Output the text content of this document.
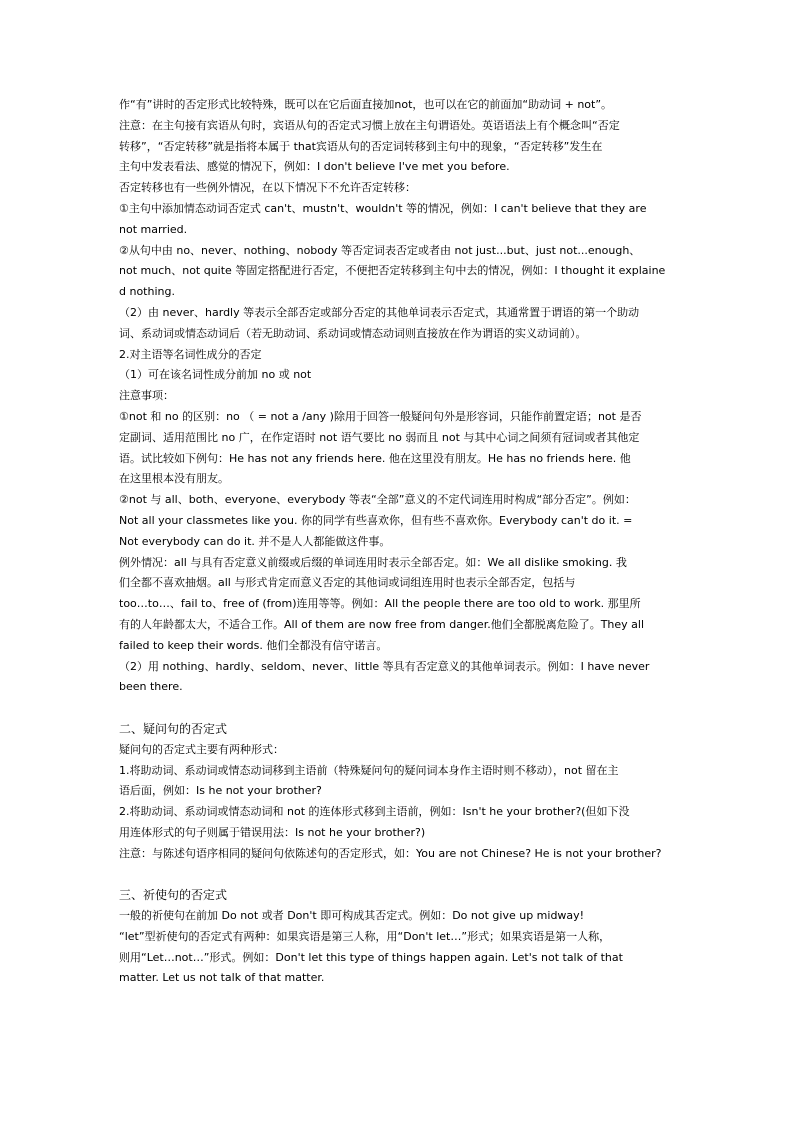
作“有”讲时的否定形式比较特殊，既可以在它后面直接加not，也可以在它的前面加“助动词 + not”。
注意：在主句接有宾语从句时，宾语从句的否定式习惯上放在主句谓语处。英语语法上有个概念叫“否定
转移”，“否定转移”就是指将本属于 that宾语从句的否定词转移到主句中的现象，“否定转移”发生在
主句中发表看法、感觉的情况下，例如：I don't believe I've met you before.
否定转移也有一些例外情况，在以下情况下不允许否定转移：
①主句中添加情态动词否定式 can't、mustn't、wouldn't 等的情况，例如：I can't believe that they are
not married.
②从句中由 no、never、nothing、nobody 等否定词表否定或者由 not just...but、just not...enough、
not much、not quite 等固定搭配进行否定，不便把否定转移到主句中去的情况，例如：I thought it explaine
d nothing.
（2）由 never、hardly 等表示全部否定或部分否定的其他单词表示否定式，其通常置于谓语的第一个助动
词、系动词或情态动词后（若无助动词、系动词或情态动词则直接放在作为谓语的实义动词前）。
2.对主语等名词性成分的否定
（1）可在该名词性成分前加 no 或 not
注意事项：
①not 和 no 的区别：no （ = not a /any )除用于回答一般疑问句外是形容词，只能作前置定语；not 是否
定副词、适用范围比 no 广，在作定语时 not 语气要比 no 弱而且 not 与其中心词之间须有冠词或者其他定
语。试比较如下例句：He has not any friends here. 他在这里没有朋友。He has no friends here. 他
在这里根本没有朋友。
②not 与 all、both、everyone、everybody 等表“全部”意义的不定代词连用时构成“部分否定”。例如：
Not all your classmetes like you. 你的同学有些喜欢你，但有些不喜欢你。Everybody can't do it. =
Not everybody can do it. 并不是人人都能做这件事。
例外情况：all 与具有否定意义前缀或后缀的单词连用时表示全部否定。如：We all dislike smoking. 我
们全都不喜欢抽烟。all 与形式肯定而意义否定的其他词或词组连用时也表示全部否定，包括与
too…to…、fail to、free of (from)连用等等。例如：All the people there are too old to work. 那里所
有的人年龄都太大，不适合工作。All of them are now free from danger.他们全都脱离危险了。They all
failed to keep their words. 他们全都没有信守诺言。
（2）用 nothing、hardly、seldom、never、little 等具有否定意义的其他单词表示。例如：I have never
been there.
二、疑问句的否定式
疑问句的否定式主要有两种形式：
1.将助动词、系动词或情态动词移到主语前（特殊疑问句的疑问词本身作主语时则不移动），not 留在主
语后面，例如：Is he not your brother?
2.将助动词、系动词或情态动词和 not 的连体形式移到主语前，例如：Isn't he your brother?(但如下没
用连体形式的句子则属于错误用法：Is not he your brother?)
注意：与陈述句语序相同的疑问句依陈述句的否定形式，如：You are not Chinese? He is not your brother?
三、祈使句的否定式
一般的祈使句在前加 Do not 或者 Don't 即可构成其否定式。例如：Do not give up midway!
“let”型祈使句的否定式有两种：如果宾语是第三人称，用“Don't let…”形式；如果宾语是第一人称，
则用“Let…not…”形式。例如：Don't let this type of things happen again. Let's not talk of that
matter. Let us not talk of that matter.
